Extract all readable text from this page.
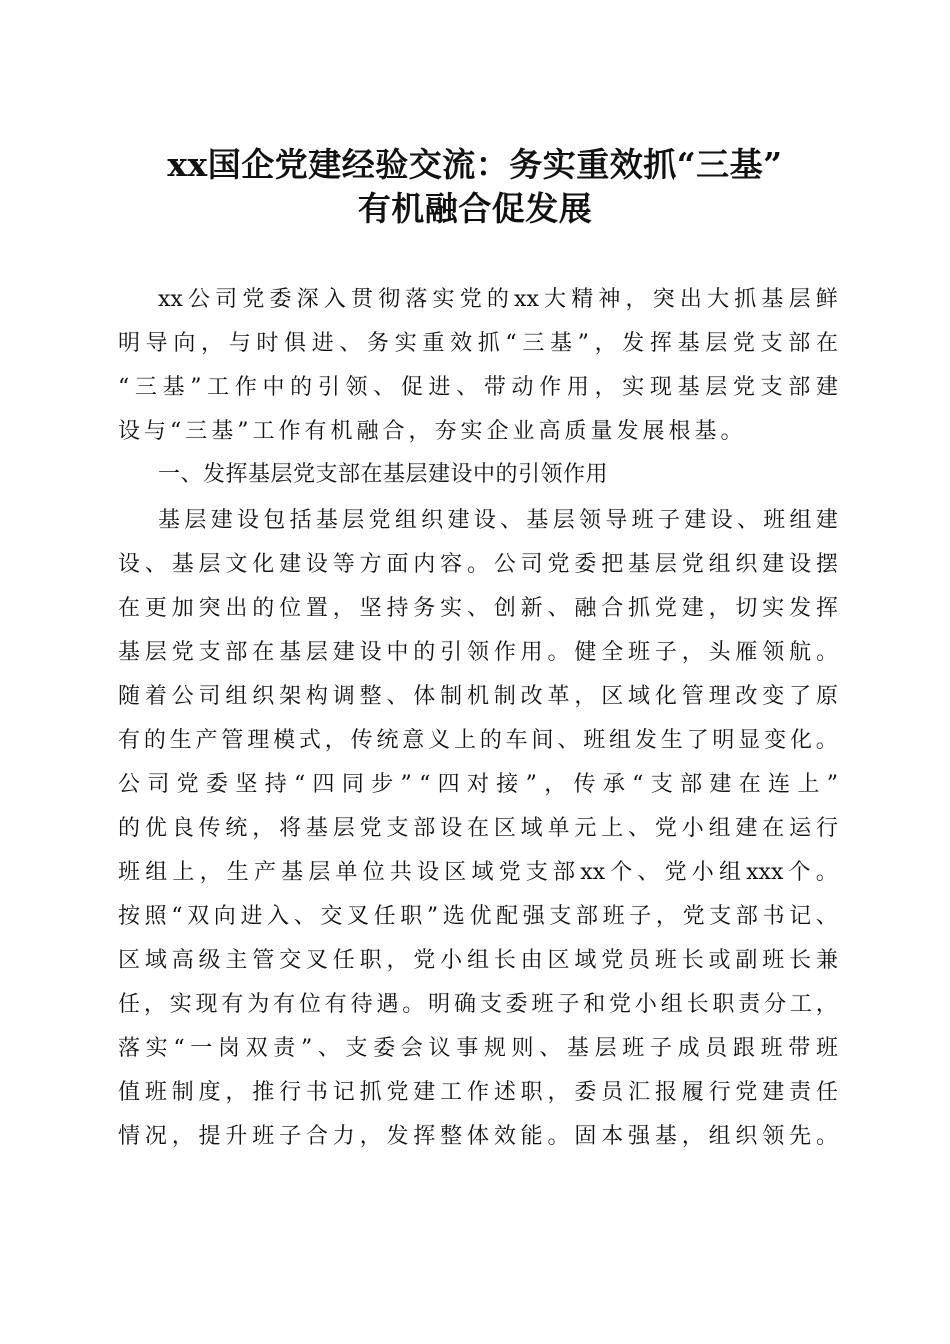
xx国企党建经验交流：务实重效抓“三基”
有机融合促发展
xx 公 司 党 委 深 入 贯 彻 落 实 党 的 xx 大 精 神 ， 突 出 大 抓 基 层 鲜
明 导 向 ， 与 时 俱 进 、 务 实 重 效 抓 “ 三 基 ” ， 发 挥 基 层 党 支 部 在
“ 三 基 ” 工 作 中 的 引 领 、 促 进 、 带 动 作 用 ， 实 现 基 层 党 支 部 建
设与“三基”工作有机融合，夯实企业高质量发展根基。
一、发挥基层党支部在基层建设中的引领作用
基 层 建 设 包 括 基 层 党 组 织 建 设 、 基 层 领 导 班 子 建 设 、 班 组 建
设 、 基 层 文 化 建 设 等 方 面 内 容 。 公 司 党 委 把 基 层 党 组 织 建 设 摆
在 更 加 突 出 的 位 置 ， 坚 持 务 实 、 创 新 、 融 合 抓 党 建 ， 切 实 发 挥
基 层 党 支 部 在 基 层 建 设 中 的 引 领 作 用 。 健 全 班 子 ， 头 雁 领 航 。
随 着 公 司 组 织 架 构 调 整 、 体 制 机 制 改 革 ， 区 域 化 管 理 改 变 了 原
有 的 生 产 管 理 模 式 ， 传 统 意 义 上 的 车 间 、 班 组 发 生 了 明 显 变 化 。
公 司 党 委 坚 持 “ 四 同 步 ” “ 四 对 接 ” ， 传 承 “ 支 部 建 在 连 上 ”
的 优 良 传 统 ， 将 基 层 党 支 部 设 在 区 域 单 元 上 、 党 小 组 建 在 运 行
班 组 上 ， 生 产 基 层 单 位 共 设 区 域 党 支 部 xx 个 、 党 小 组 xxx 个 。
按 照 “ 双 向 进 入 、 交 叉 任 职 ” 选 优 配 强 支 部 班 子 ， 党 支 部 书 记 、
区 域 高 级 主 管 交 叉 任 职 ， 党 小 组 长 由 区 域 党 员 班 长 或 副 班 长 兼
任 ， 实 现 有 为 有 位 有 待 遇 。 明 确 支 委 班 子 和 党 小 组 长 职 责 分 工 ，
落 实 “ 一 岗 双 责 ” 、 支 委 会 议 事 规 则 、 基 层 班 子 成 员 跟 班 带 班
值 班 制 度 ， 推 行 书 记 抓 党 建 工 作 述 职 ， 委 员 汇 报 履 行 党 建 责 任
情 况 ， 提 升 班 子 合 力 ， 发 挥 整 体 效 能 。 固 本 强 基 ， 组 织 领 先 。
